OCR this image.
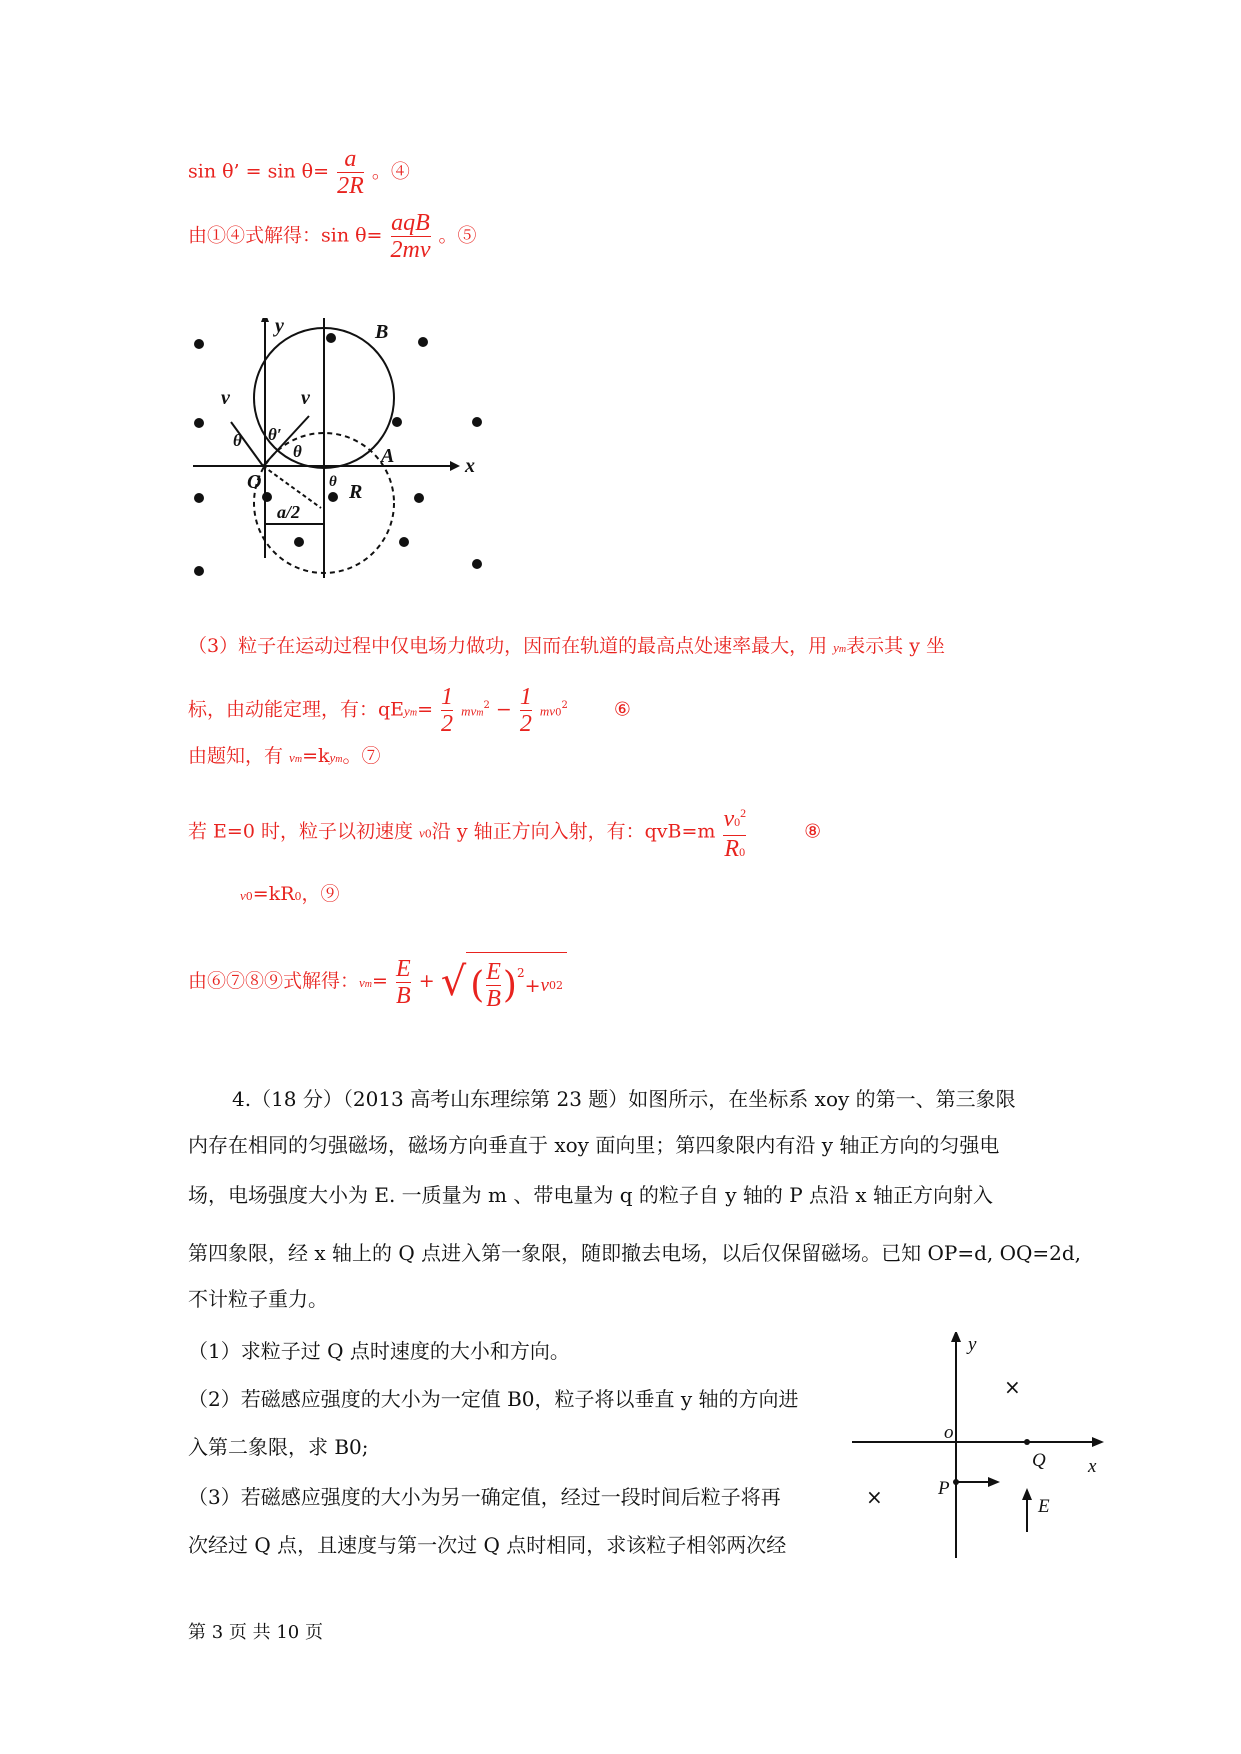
sin θ’ = $\sin \theta= \frac{a}{2R}$ 。④
由①④式解得：$\sin \theta= \frac{\text{aqB}}{2mv}$ 。⑤
y
x
B
v	v
θ θ′
θ
O
A
R
θ
a/2
（3）粒子在运动过程中仅电场力做功，因而在轨道的最高点处速率最大，用 ym表示其 y 坐
标，由动能定理，有：qEym= $\frac{1}{2} mvm^2 - \frac{1}{2} mv0^2$ ⑥
由题知，有 vm=kym。⑦
若 E=0 时，粒子以初速度 v0沿 y 轴正方向入射，有：$qvB=m \frac{v0^2}{R0}$	⑧
v0=kR0，⑨
由⑥⑦⑧⑨式解得：$vm= \frac{E}{B}$ + √ ( $\frac{E}{B} )^2$
+ v 0 2
4.（18 分）（2013 高考山东理综第 23 题）如图所示，在坐标系 xoy 的第一、第三象限
内存在相同的匀强磁场，磁场方向垂直于 xoy 面向里；第四象限内有沿 y 轴正方向的匀强电
场，电场强度大小为 E. 一质量为 m 、带电量为 q 的粒子自 y 轴的 P 点沿 x 轴正方向射入
第四象限，经 x 轴上的 Q 点进入第一象限，随即撤去电场，以后仅保留磁场。已知 OP=d, OQ=2d,
不计粒子重力。
（1）求粒子过 Q 点时速度的大小和方向。
（2）若磁感应强度的大小为一定值 B0，粒子将以垂直 y 轴的方向进
入第二象限，求 B0;
（3）若磁感应强度的大小为另一确定值，经过一段时间后粒子将再
次经过 Q 点，且速度与第一次过 Q 点时相同，求该粒子相邻两次经
y
x
o
Q
P
E
×
×
第 3 页 共 10 页
